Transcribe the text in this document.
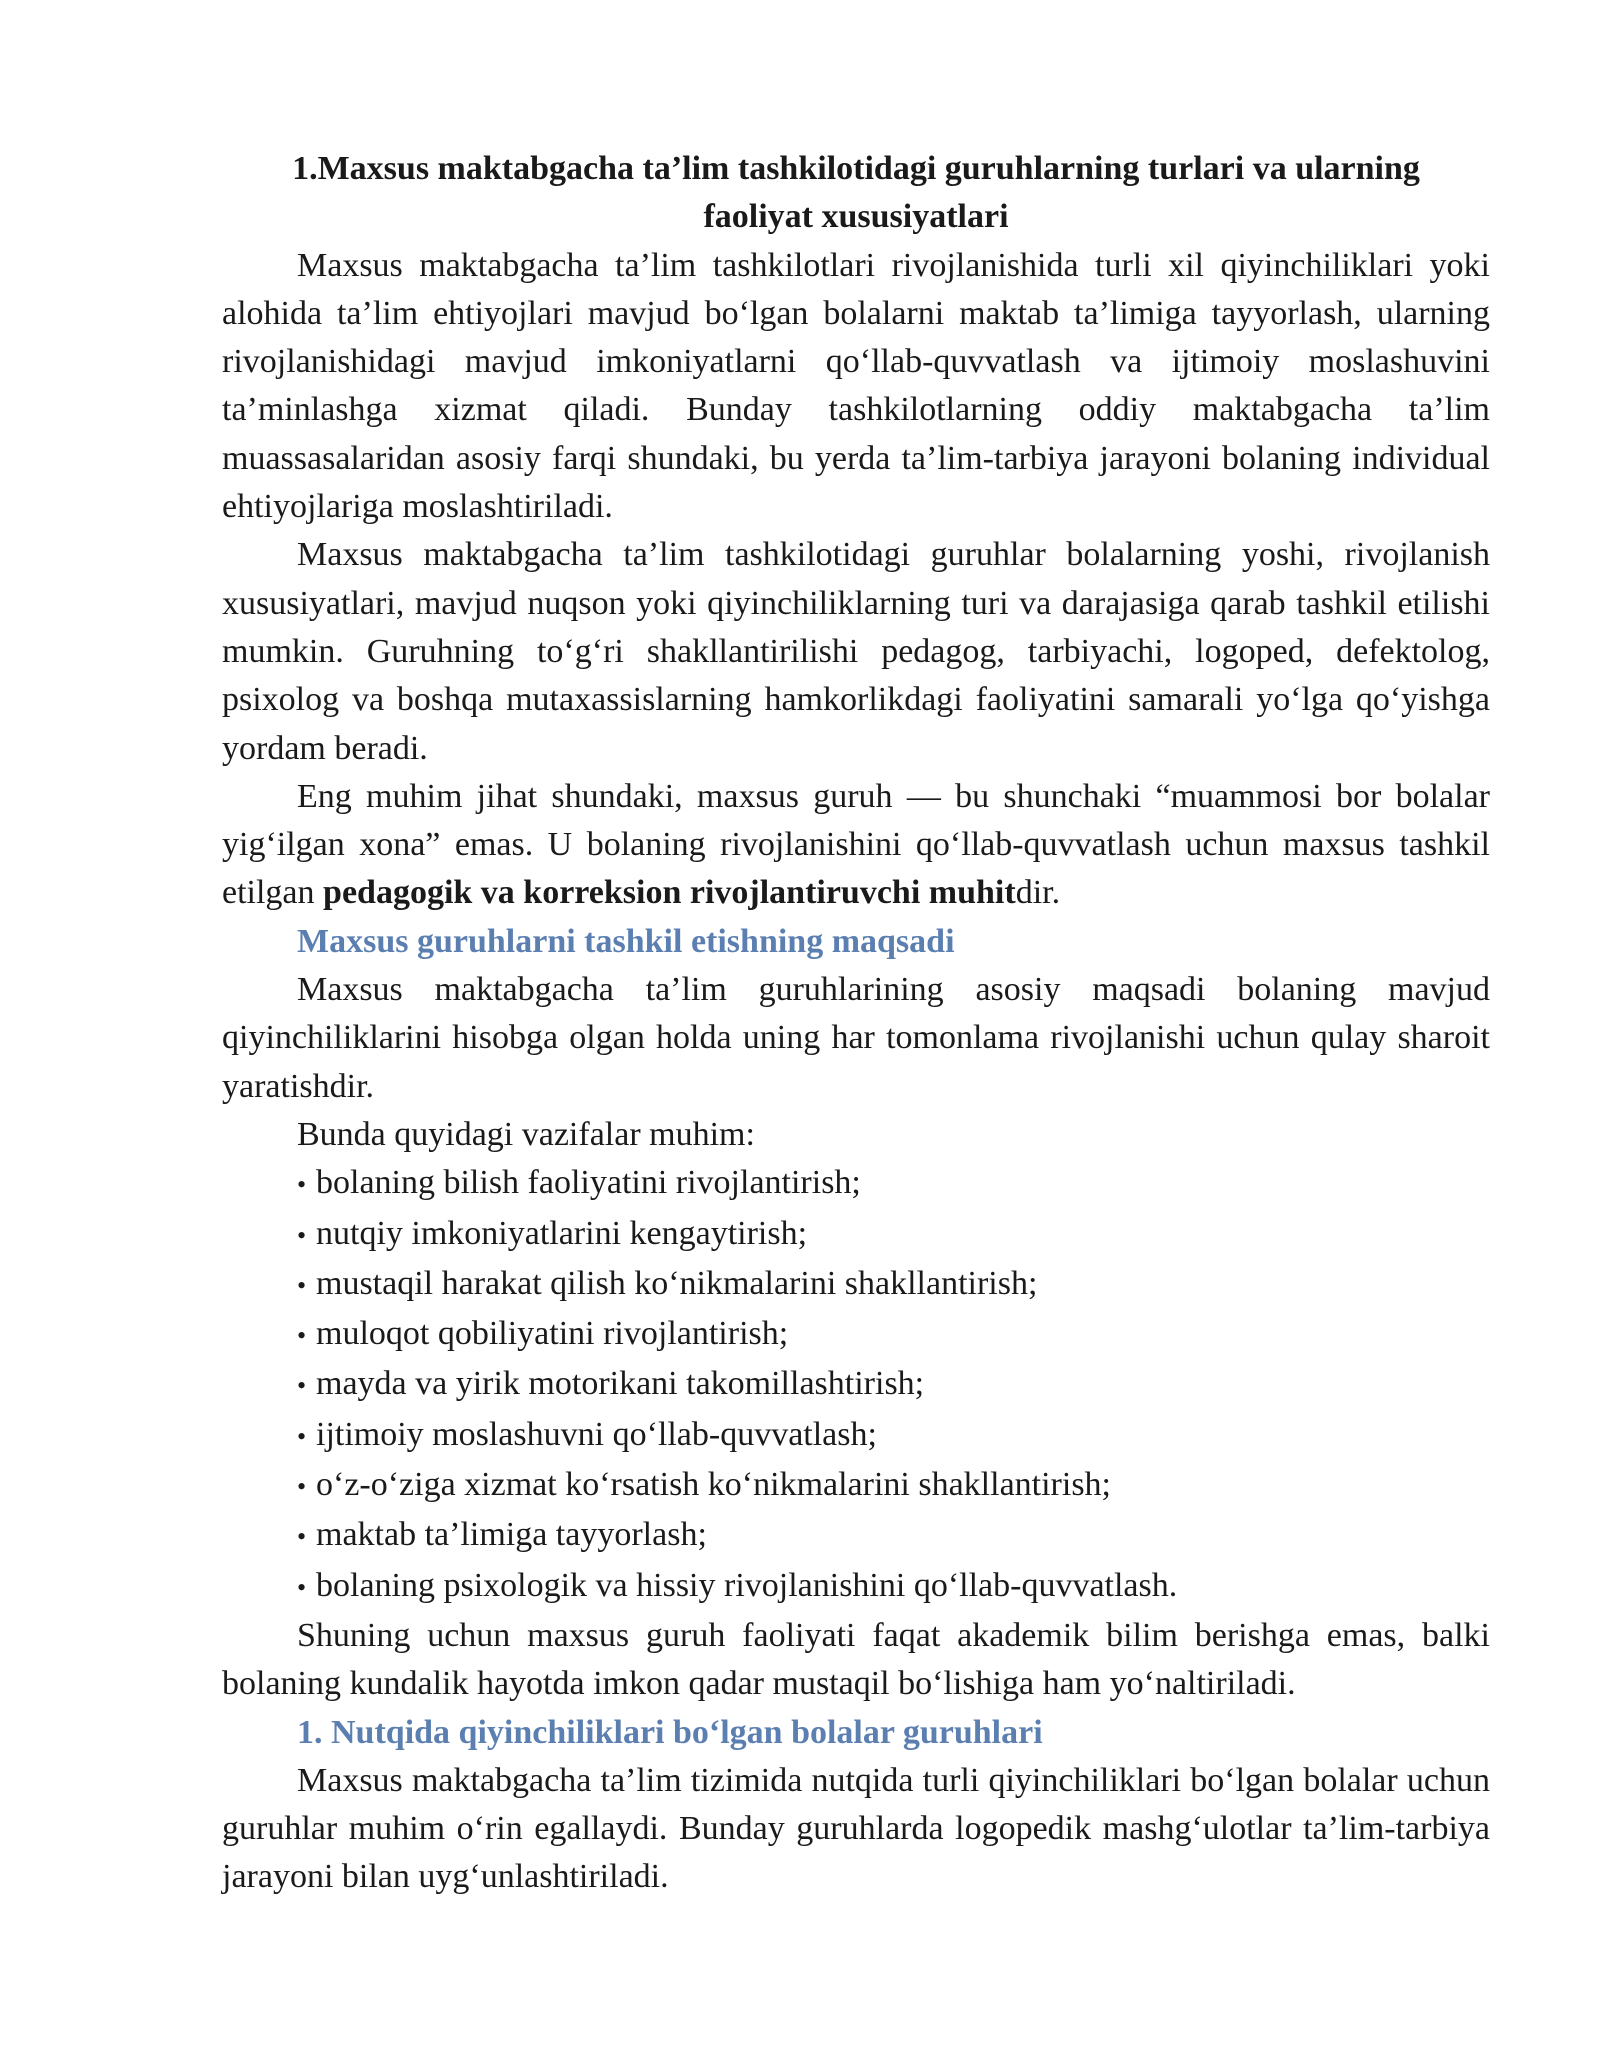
1.Maxsus maktabgacha ta’lim tashkilotidagi guruhlarning turlari va ularning
faoliyat xususiyatlari

Maxsus maktabgacha ta’lim tashkilotlari rivojlanishida turli xil qiyinchiliklari yoki alohida ta’lim ehtiyojlari mavjud bo‘lgan bolalarni maktab ta’limiga tayyorlash, ularning rivojlanishidagi mavjud imkoniyatlarni qo‘llab-quvvatlash va ijtimoiy moslashuvini ta’minlashga xizmat qiladi. Bunday tashkilotlarning oddiy maktabgacha ta’lim muassasalaridan asosiy farqi shundaki, bu yerda ta’lim-tarbiya jarayoni bolaning individual ehtiyojlariga moslashtiriladi.

Maxsus maktabgacha ta’lim tashkilotidagi guruhlar bolalarning yoshi, rivojlanish xususiyatlari, mavjud nuqson yoki qiyinchiliklarning turi va darajasiga qarab tashkil etilishi mumkin. Guruhning to‘g‘ri shakllantirilishi pedagog, tarbiyachi, logoped, defektolog, psixolog va boshqa mutaxassislarning hamkorlikdagi faoliyatini samarali yo‘lga qo‘yishga yordam beradi.

Eng muhim jihat shundaki, maxsus guruh — bu shunchaki “muammosi bor bolalar yig‘ilgan xona” emas. U bolaning rivojlanishini qo‘llab-quvvatlash uchun maxsus tashkil etilgan pedagogik va korreksion rivojlantiruvchi muhitdir.

Maxsus guruhlarni tashkil etishning maqsadi

Maxsus maktabgacha ta’lim guruhlarining asosiy maqsadi bolaning mavjud qiyinchiliklarini hisobga olgan holda uning har tomonlama rivojlanishi uchun qulay sharoit yaratishdir.

Bunda quyidagi vazifalar muhim:

• bolaning bilish faoliyatini rivojlantirish;
• nutqiy imkoniyatlarini kengaytirish;
• mustaqil harakat qilish ko‘nikmalarini shakllantirish;
• muloqot qobiliyatini rivojlantirish;
• mayda va yirik motorikani takomillashtirish;
• ijtimoiy moslashuvni qo‘llab-quvvatlash;
• o‘z-o‘ziga xizmat ko‘rsatish ko‘nikmalarini shakllantirish;
• maktab ta’limiga tayyorlash;
• bolaning psixologik va hissiy rivojlanishini qo‘llab-quvvatlash.

Shuning uchun maxsus guruh faoliyati faqat akademik bilim berishga emas, balki bolaning kundalik hayotda imkon qadar mustaqil bo‘lishiga ham yo‘naltiriladi.

1. Nutqida qiyinchiliklari bo‘lgan bolalar guruhlari

Maxsus maktabgacha ta’lim tizimida nutqida turli qiyinchiliklari bo‘lgan bolalar uchun guruhlar muhim o‘rin egallaydi. Bunday guruhlarda logopedik mashg‘ulotlar ta’lim-tarbiya jarayoni bilan uyg‘unlashtiriladi.
